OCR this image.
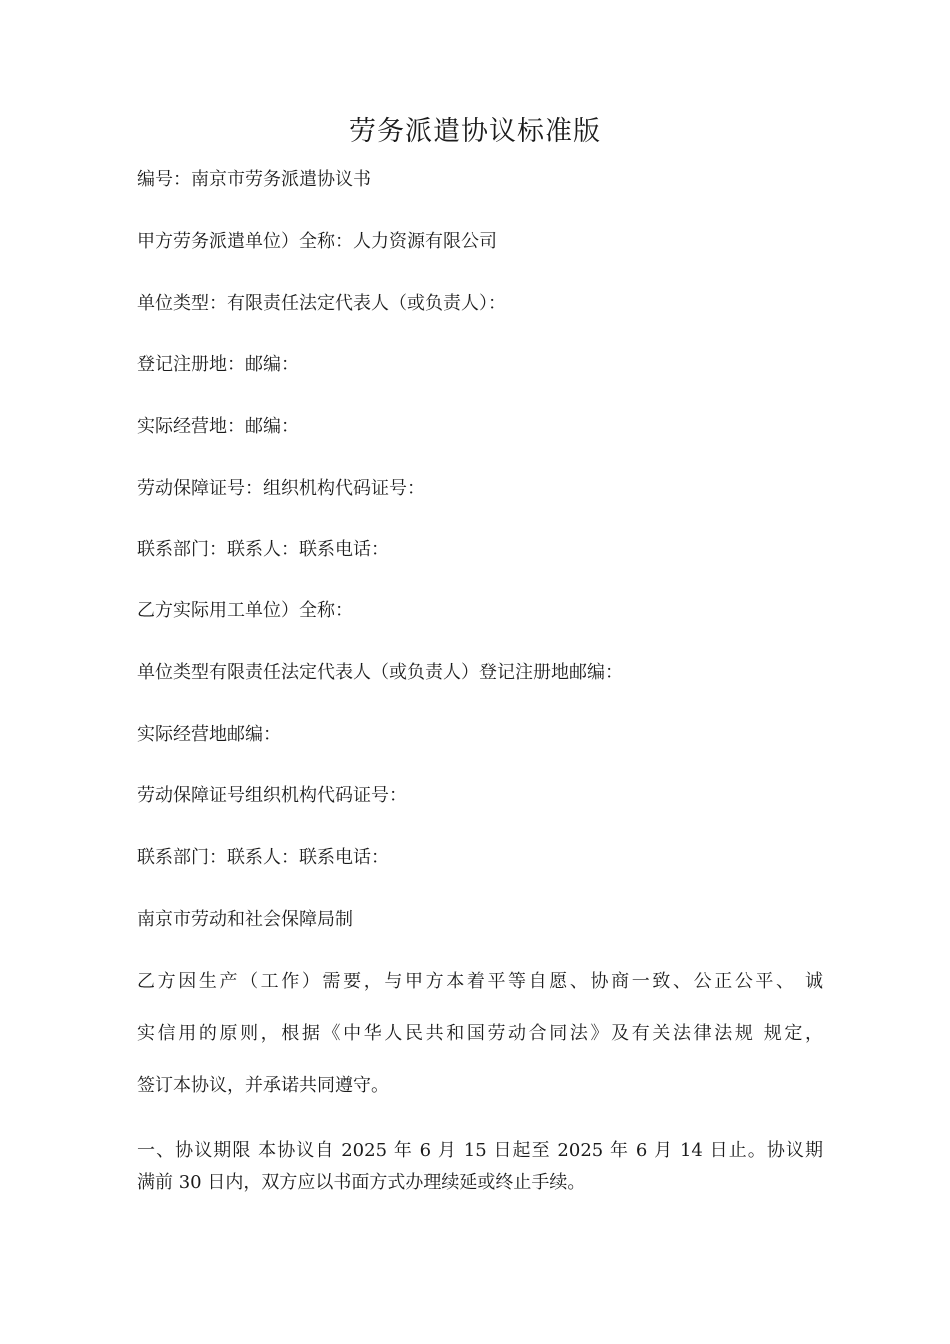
劳务派遣协议标准版
编号：南京市劳务派遣协议书
甲方劳务派遣单位）全称：人力资源有限公司
单位类型：有限责任法定代表人（或负责人）：
登记注册地：邮编：
实际经营地：邮编：
劳动保障证号：组织机构代码证号：
联系部门：联系人：联系电话：
乙方实际用工单位）全称：
单位类型有限责任法定代表人（或负责人）登记注册地邮编：
实际经营地邮编：
劳动保障证号组织机构代码证号：
联系部门：联系人：联系电话：
南京市劳动和社会保障局制
乙方因生产（工作）需要，与甲方本着平等自愿、协商一致、公正公平、 诚
实信用的原则，根据《中华人民共和国劳动合同法》及有关法律法规 规定，
签订本协议，并承诺共同遵守。
一、协议期限 本协议自 2025 年 6 月 15 日起至 2025 年 6 月 14 日止。协议期
满前 30 日内，双方应以书面方式办理续延或终止手续。
